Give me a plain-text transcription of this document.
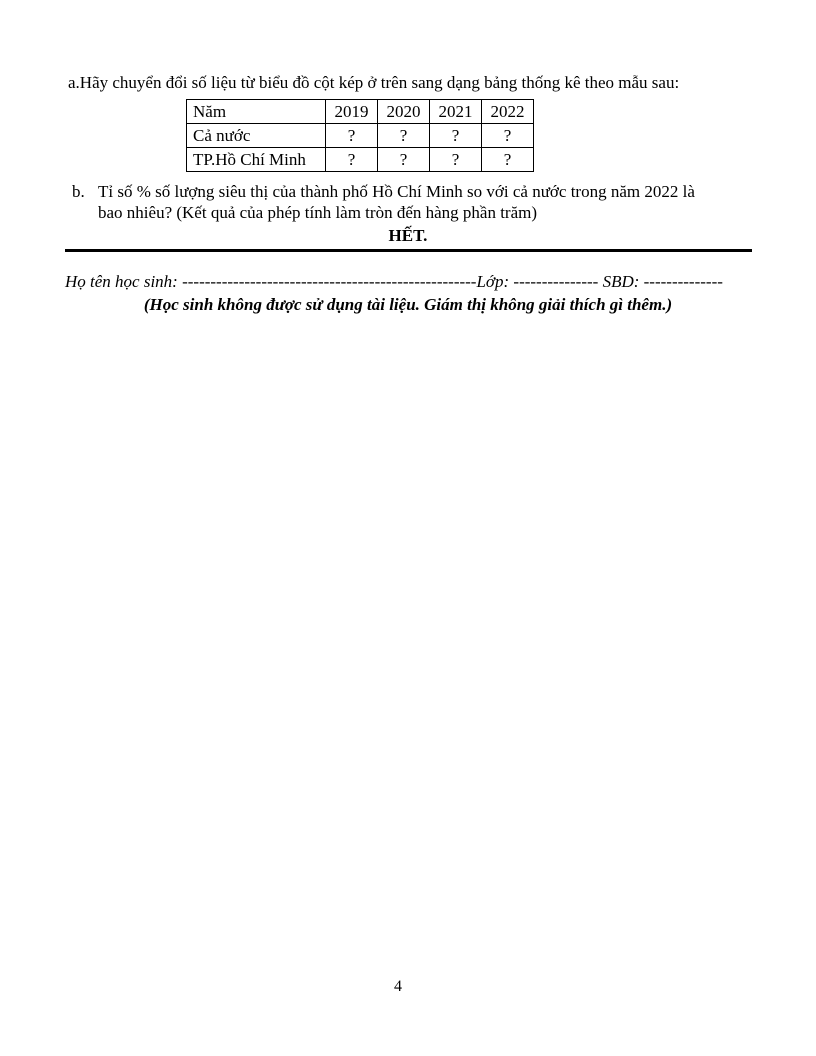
a.Hãy chuyển đổi số liệu từ biểu đồ cột kép ở trên sang dạng bảng thống kê theo mẫu sau:
Năm	2019	2020	2021	2022
Cả nước	?	?	?	?
TP.Hồ Chí Minh	?	?	?	?
b. Tỉ số % số lượng siêu thị của thành phố Hồ Chí Minh so với cả nước trong năm 2022 là
bao nhiêu? (Kết quả của phép tính làm tròn đến hàng phần trăm)
HẾT.
Họ tên học sinh: ----------------------------------------------------Lớp: --------------- SBD: --------------
(Học sinh không được sử dụng tài liệu. Giám thị không giải thích gì thêm.)
4
